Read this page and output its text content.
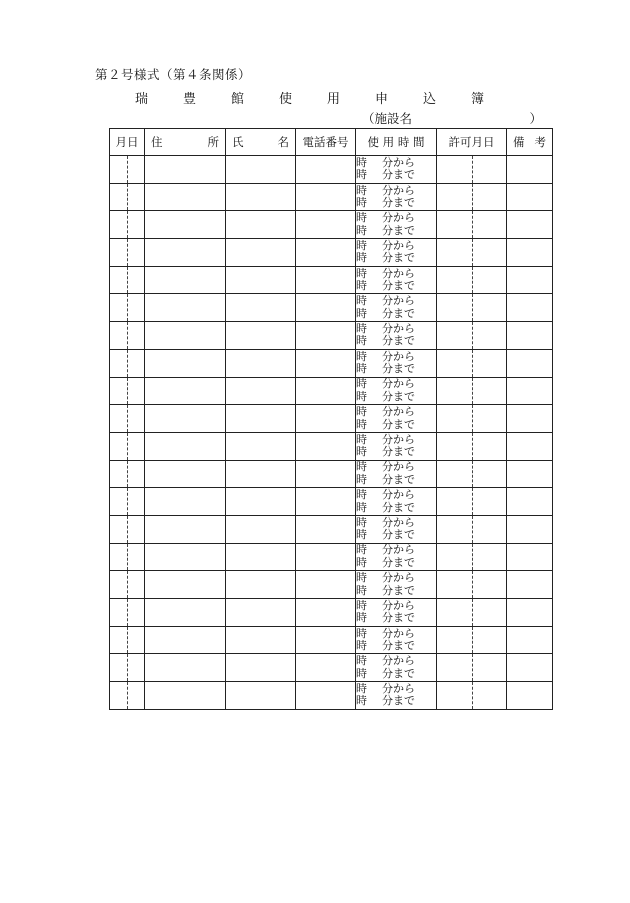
第２号様式（第４条関係）
瑞　豊　館　使　用　申　込　簿
（施設名	）
月日	住 所	氏 名	電話番号	使 用 時 間	許可月日	備 考

				時 分から
時 分まで		

				時 分から
時 分まで		

				時 分から
時 分まで		

				時 分から
時 分まで		

				時 分から
時 分まで		

				時 分から
時 分まで		

				時 分から
時 分まで		

				時 分から
時 分まで		

				時 分から
時 分まで		

				時 分から
時 分まで		

				時 分から
時 分まで		

				時 分から
時 分まで		

				時 分から
時 分まで		

				時 分から
時 分まで		

				時 分から
時 分まで		

				時 分から
時 分まで		

				時 分から
時 分まで		

				時 分から
時 分まで		

				時 分から
時 分まで		

				時 分から
時 分まで		
